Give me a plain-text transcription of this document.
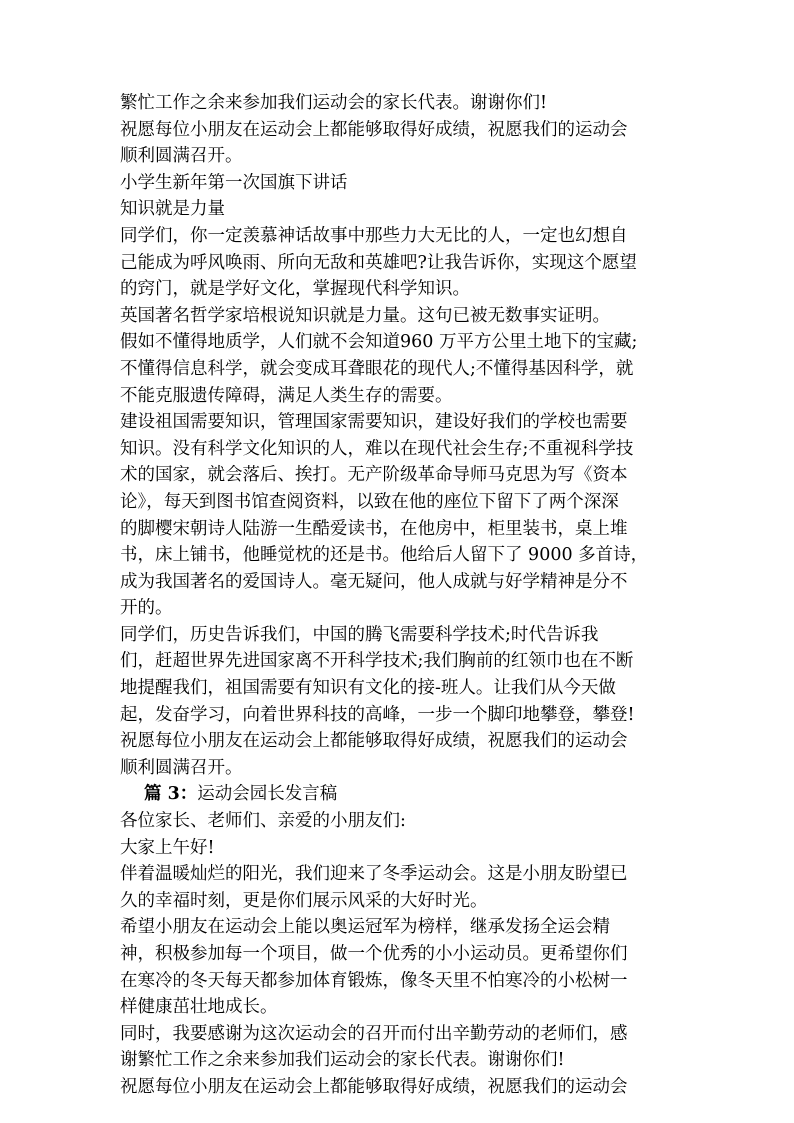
繁忙工作之余来参加我们运动会的家长代表。谢谢你们!
祝愿每位小朋友在运动会上都能够取得好成绩，祝愿我们的运动会
顺利圆满召开。
小学生新年第一次国旗下讲话
知识就是力量
同学们，你一定羡慕神话故事中那些力大无比的人，一定也幻想自
己能成为呼风唤雨、所向无敌和英雄吧?让我告诉你，实现这个愿望
的窍门，就是学好文化，掌握现代科学知识。
英国著名哲学家培根说知识就是力量。这句已被无数事实证明。
假如不懂得地质学，人们就不会知道960 万平方公里土地下的宝藏;
不懂得信息科学，就会变成耳聋眼花的现代人;不懂得基因科学，就
不能克服遗传障碍，满足人类生存的需要。
建设祖国需要知识，管理国家需要知识，建设好我们的学校也需要
知识。没有科学文化知识的人，难以在现代社会生存;不重视科学技
术的国家，就会落后、挨打。无产阶级革命导师马克思为写《资本
论》，每天到图书馆查阅资料，以致在他的座位下留下了两个深深
的脚樱宋朝诗人陆游一生酷爱读书，在他房中，柜里装书，桌上堆
书，床上铺书，他睡觉枕的还是书。他给后人留下了 9000 多首诗，
成为我国著名的爱国诗人。毫无疑问，他人成就与好学精神是分不
开的。
同学们，历史告诉我们，中国的腾飞需要科学技术;时代告诉我
们，赶超世界先进国家离不开科学技术;我们胸前的红领巾也在不断
地提醒我们，祖国需要有知识有文化的接-班人。让我们从今天做
起，发奋学习，向着世界科技的高峰，一步一个脚印地攀登，攀登!
祝愿每位小朋友在运动会上都能够取得好成绩，祝愿我们的运动会
顺利圆满召开。
篇 3：运动会园长发言稿
各位家长、老师们、亲爱的小朋友们:
大家上午好!
伴着温暖灿烂的阳光，我们迎来了冬季运动会。这是小朋友盼望已
久的幸福时刻，更是你们展示风采的大好时光。
希望小朋友在运动会上能以奥运冠军为榜样，继承发扬全运会精
神，积极参加每一个项目，做一个优秀的小小运动员。更希望你们
在寒冷的冬天每天都参加体育锻炼，像冬天里不怕寒冷的小松树一
样健康茁壮地成长。
同时，我要感谢为这次运动会的召开而付出辛勤劳动的老师们，感
谢繁忙工作之余来参加我们运动会的家长代表。谢谢你们!
祝愿每位小朋友在运动会上都能够取得好成绩，祝愿我们的运动会
